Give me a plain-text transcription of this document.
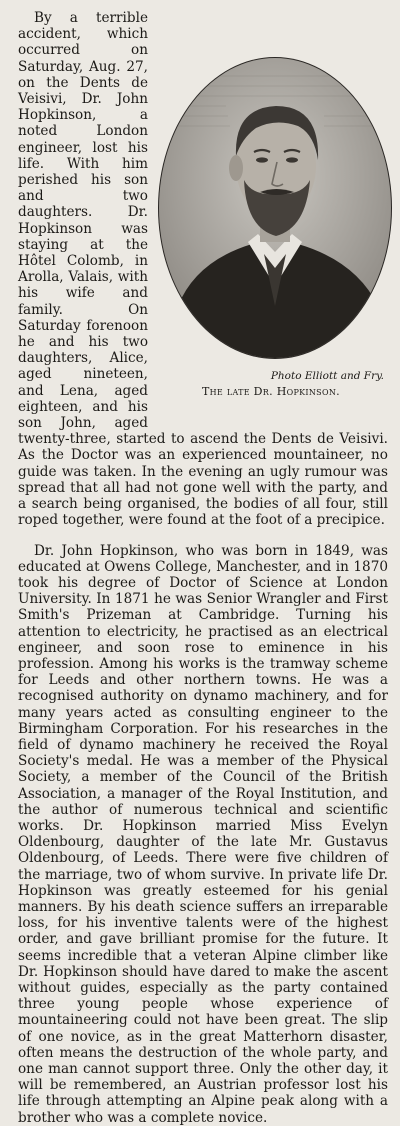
Photo Elliott and Fry.
The late Dr. Hopkinson.

By a terrible accident, which occurred on Saturday, Aug. 27, on the Dents de Veisivi, Dr. John Hopkinson, a noted London engineer, lost his life. With him perished his son and two daughters. Dr. Hopkinson was staying at the Hôtel Colomb, in Arolla, Valais, with his wife and family. On Saturday forenoon he and his two daughters, Alice, aged nineteen, and Lena, aged eighteen, and his son John, aged twenty-three, started to ascend the Dents de Veisivi. As the Doctor was an experienced mountaineer, no guide was taken. In the evening an ugly rumour was spread that all had not gone well with the party, and a search being organised, the bodies of all four, still roped together, were found at the foot of a precipice.

Dr. John Hopkinson, who was born in 1849, was educated at Owens College, Manchester, and in 1870 took his degree of Doctor of Science at London University. In 1871 he was Senior Wrangler and First Smith's Prizeman at Cambridge. Turning his attention to electricity, he practised as an electrical engineer, and soon rose to eminence in his profession. Among his works is the tramway scheme for Leeds and other northern towns. He was a recognised authority on dynamo machinery, and for many years acted as consulting engineer to the Birmingham Corporation. For his researches in the field of dynamo machinery he received the Royal Society's medal. He was a member of the Physical Society, a member of the Council of the British Association, a manager of the Royal Institution, and the author of numerous technical and scientific works. Dr. Hopkinson married Miss Evelyn Oldenbourg, daughter of the late Mr. Gustavus Oldenbourg, of Leeds. There were five children of the marriage, two of whom survive. In private life Dr. Hopkinson was greatly esteemed for his genial manners. By his death science suffers an irreparable loss, for his inventive talents were of the highest order, and gave brilliant promise for the future. It seems incredible that a veteran Alpine climber like Dr. Hopkinson should have dared to make the ascent without guides, especially as the party contained three young people whose experience of mountaineering could not have been great. The slip of one novice, as in the great Matterhorn disaster, often means the destruction of the whole party, and one man cannot support three. Only the other day, it will be remembered, an Austrian professor lost his life through attempting an Alpine peak along with a brother who was a complete novice.
